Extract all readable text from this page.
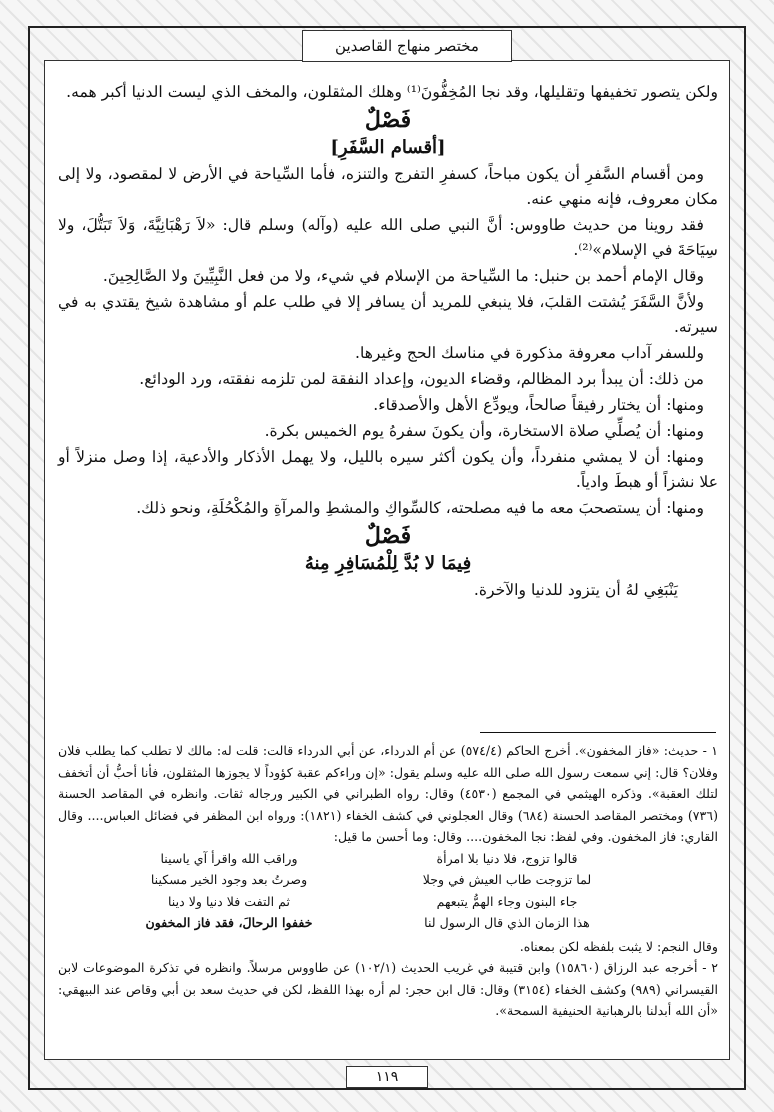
مختصر منهاج القاصدين

ولكن يتصور تخفيفها وتقليلها، وقد نجا المُخِفُّونَ⁽¹⁾ وهلك المثقلون، والمخف الذي ليست الدنيا أكبر همه.

فَصْلٌ

[أقسام السَّفَرِ]

ومن أقسام السَّفرِ أن يكون مباحاً، كسفرِ التفرج والتنزه، فأما السِّياحة في الأرض لا لمقصود، ولا إلى مكان معروف، فإنه منهي عنه.

فقد روينا من حديث طاووس: أنَّ النبي صلى الله عليه (وآله) وسلم قال: «لاَ رَهْبَانِيَّةَ، وَلاَ تَبَتُّلَ، ولا سِيَاحَةَ في الإسلام»⁽²⁾.

وقال الإمام أحمد بن حنبل: ما السِّياحة من الإسلام في شيء، ولا من فعل النَّبِيِّينَ ولا الصَّالِحِينَ.

ولأنَّ السَّفَرَ يُشتت القلبَ، فلا ينبغي للمريد أن يسافر إلا في طلب علم أو مشاهدة شيخ يقتدي به في سيرته.

وللسفر آداب معروفة مذكورة في مناسك الحج وغيرها.

من ذلك: أن يبدأ برد المظالم، وقضاء الديون، وإعداد النفقة لمن تلزمه نفقته، ورد الودائع.

ومنها: أن يختار رفيقاً صالحاً، ويودِّع الأهل والأصدقاء.

ومنها: أن يُصلِّي صلاة الاستخارة، وأن يكونَ سفرهُ يوم الخميس بكرة.

ومنها: أن لا يمشي منفرداً، وأن يكون أكثر سيره بالليل، ولا يهمل الأذكار والأدعية، إذا وصل منزلاً أو علا نشزاً أو هبطَ وادياً.

ومنها: أن يستصحبَ معه ما فيه مصلحته، كالسِّواكِ والمشطِ والمرآةِ والمُكْحُلَةِ، ونحو ذلك.

فَصْلٌ

فِيمَا لا بُدَّ لِلْمُسَافِرِ مِنهُ

يَنْبَغِي لهُ أن يتزود للدنيا والآخرة.

١ - حديث: «فاز المخفون». أخرج الحاكم (٥٧٤/٤) عن أم الدرداء، عن أبي الدرداء قالت: قلت له: مالك لا تطلب كما يطلب فلان وفلان؟ قال: إني سمعت رسول الله صلى الله عليه وسلم يقول: «إن وراءكم عقبة كؤوداً لا يجوزها المثقلون، فأنا أحبُّ أن أتخفف لتلك العقبة». وذكره الهيثمي في المجمع (٤٥٣٠) وقال: رواه الطبراني في الكبير ورجاله ثقات. وانظره في المقاصد الحسنة (٧٣٦) ومختصر المقاصد الحسنة (٦٨٤) وقال العجلوني في كشف الخفاء (١٨٢١): ورواه ابن المظفر في فضائل العباس.... وقال القاري: فاز المخفون. وفي لفظ: نجا المخفون.... وقال: وما أحسن ما قيل:

قالوا تزوج، فلا دنيا بلا امرأة
وراقب الله واقرأ آي ياسينا
لما تزوجت طاب العيش في وجلا
وصرتُ بعد وجود الخير مسكينا
جاء البنون وجاء الهمُّ يتبعهم
ثم التفت فلا دنيا ولا دينا
هذا الزمان الذي قال الرسول لنا
خففوا الرحالَ، فقد فاز المخفون

وقال النجم: لا يثبت بلفظه لكن بمعناه.

٢ - أخرجه عبد الرزاق (١٥٨٦٠) وابن قتيبة في غريب الحديث (١٠٢/١) عن طاووس مرسلاً. وانظره في تذكرة الموضوعات لابن القيسراني (٩٨٩) وكشف الخفاء (٣١٥٤) وقال: قال ابن حجر: لم أره بهذا اللفظ، لكن في حديث سعد بن أبي وقاص عند البيهقي: «أن الله أبدلنا بالرهبانية الحنيفية السمحة».

١١٩
